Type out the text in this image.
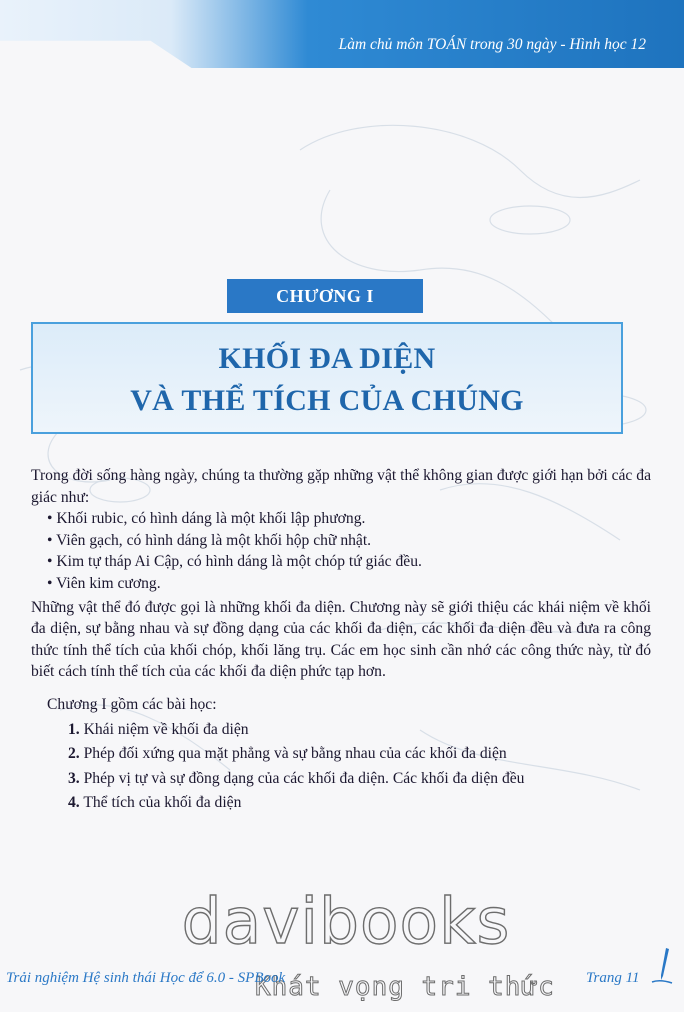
Làm chủ môn TOÁN trong 30 ngày - Hình học 12
CHƯƠNG I
KHỐI ĐA DIỆN
VÀ THỂ TÍCH CỦA CHÚNG

Trong đời sống hàng ngày, chúng ta thường gặp những vật thể không gian được giới hạn bởi các đa giác như:

• Khối rubic, có hình dáng là một khối lập phương.
• Viên gạch, có hình dáng là một khối hộp chữ nhật.
• Kim tự tháp Ai Cập, có hình dáng là một chóp tứ giác đều.
• Viên kim cương.

Những vật thể đó được gọi là những khối đa diện. Chương này sẽ giới thiệu các khái niệm về khối đa diện, sự bằng nhau và sự đồng dạng của các khối đa diện, các khối đa diện đều và đưa ra công thức tính thể tích của khối chóp, khối lăng trụ. Các em học sinh cần nhớ các công thức này, từ đó biết cách tính thể tích của các khối đa diện phức tạp hơn.

Chương I gồm các bài học:

1. Khái niệm về khối đa diện
2. Phép đối xứng qua mặt phẳng và sự bằng nhau của các khối đa diện
3. Phép vị tự và sự đồng dạng của các khối đa diện. Các khối đa diện đều
4. Thể tích của khối đa diện
davibooks
Khát vọng tri thức
Trải nghiệm Hệ sinh thái Học để 6.0 - SPBook	Trang 11
